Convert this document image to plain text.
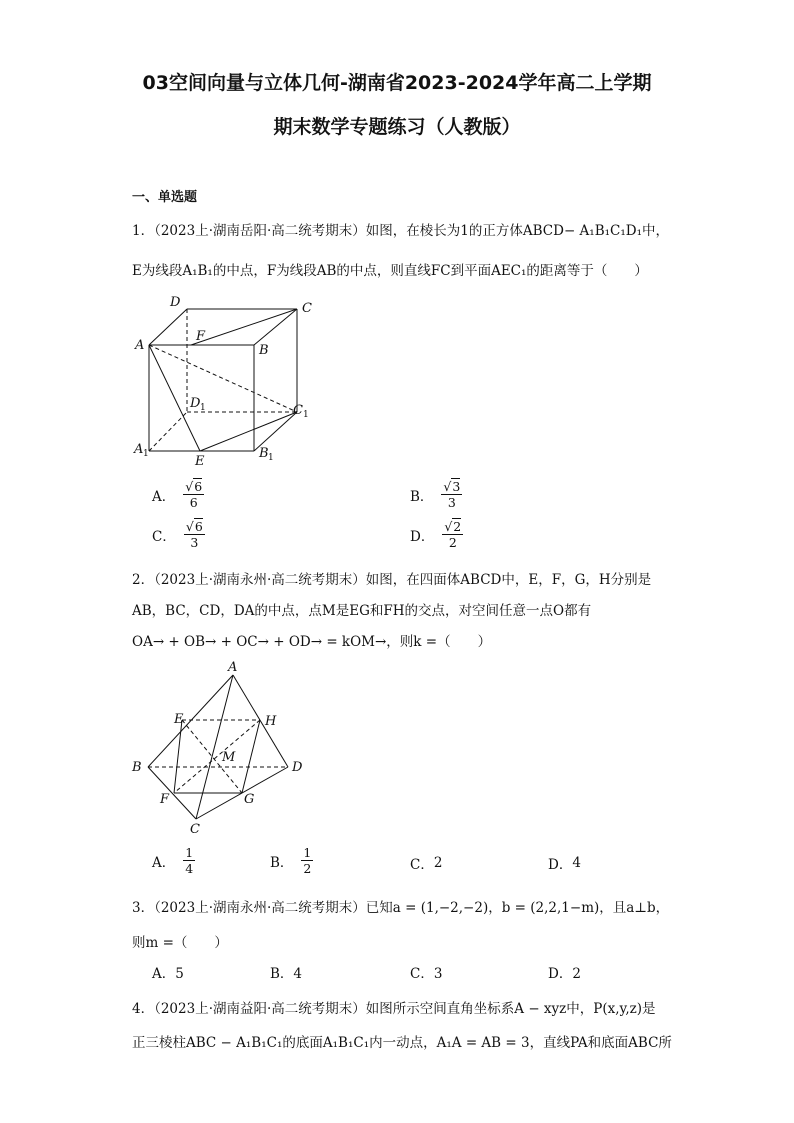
03空间向量与立体几何-湖南省2023-2024学年高二上学期
期末数学专题练习（人教版）
一、单选题
1．（2023上·湖南岳阳·高二统考期末）如图，在棱长为1的正方体ABCD− A₁B₁C₁D₁中，
E为线段A₁B₁的中点，F为线段AB的中点，则直线FC到平面AEC₁的距离等于（　　）
D	C
A
F
B
D 1	C 1
A 1	E
B 1
A． $\frac{√6}{6}$	B． $\frac{√3}{3}$
C． $\frac{√6}{3}$	D． $\frac{√2}{2}$
2．（2023上·湖南永州·高二统考期末）如图，在四面体ABCD中，E，F，G，H分别是
AB，BC，CD，DA的中点，点M是EG和FH的交点，对空间任意一点O都有
OA→ + OB→ + OC→ + OD→ = kOM→，则k =（　　）
A
E	H
M
B	D
F	G
C
A． $\frac{1}{4}$	B． $\frac{1}{2}$	C． 2	D． 4
3．（2023上·湖南永州·高二统考期末）已知a = (1,−2,−2)，b = (2,2,1−m)，且a⊥b，
则m =（　　）
A．5	B．4	C．3	D．2
4．（2023上·湖南益阳·高二统考期末）如图所示空间直角坐标系A − xyz中，P(x,y,z)是
正三棱柱ABC − A₁B₁C₁的底面A₁B₁C₁内一动点，A₁A = AB = 3，直线PA和底面ABC所
